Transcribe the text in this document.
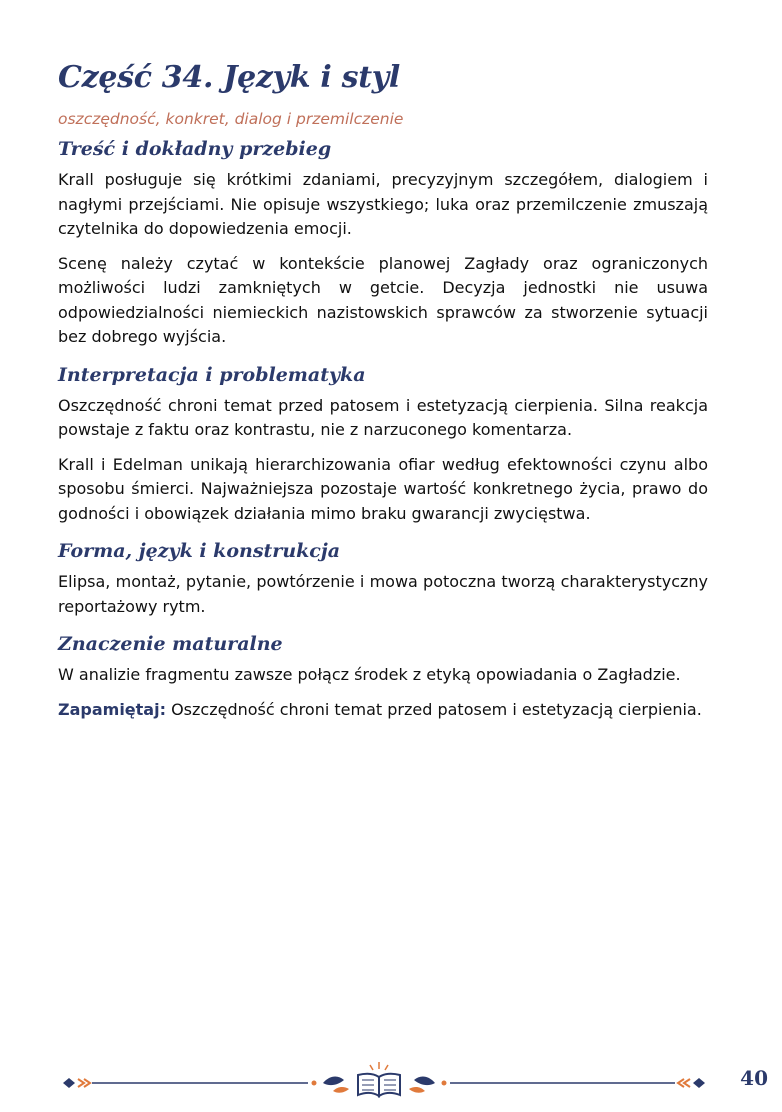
Część 34. Język i styl
oszczędność, konkret, dialog i przemilczenie
Treść i dokładny przebieg

Krall posługuje się krótkimi zdaniami, precyzyjnym szczegółem, dialogiem i nagłymi przejściami. Nie opisuje wszystkiego; luka oraz przemilczenie zmuszają czytelnika do dopowiedzenia emocji.

Scenę należy czytać w kontekście planowej Zagłady oraz ograniczonych możliwości ludzi zamkniętych w getcie. Decyzja jednostki nie usuwa odpowiedzialności niemieckich nazistowskich sprawców za stworzenie sytuacji bez dobrego wyjścia.

Interpretacja i problematyka

Oszczędność chroni temat przed patosem i estetyzacją cierpienia. Silna reakcja powstaje z faktu oraz kontrastu, nie z narzuconego komentarza.

Krall i Edelman unikają hierarchizowania ofiar według efektowności czynu albo sposobu śmierci. Najważniejsza pozostaje wartość konkretnego życia, prawo do godności i obowiązek działania mimo braku gwarancji zwycięstwa.

Forma, język i konstrukcja

Elipsa, montaż, pytanie, powtórzenie i mowa potoczna tworzą charakterystyczny reportażowy rytm.

Znaczenie maturalne

W analizie fragmentu zawsze połącz środek z etyką opowiadania o Zagładzie.

Zapamiętaj: Oszczędność chroni temat przed patosem i estetyzacją cierpienia.

40
